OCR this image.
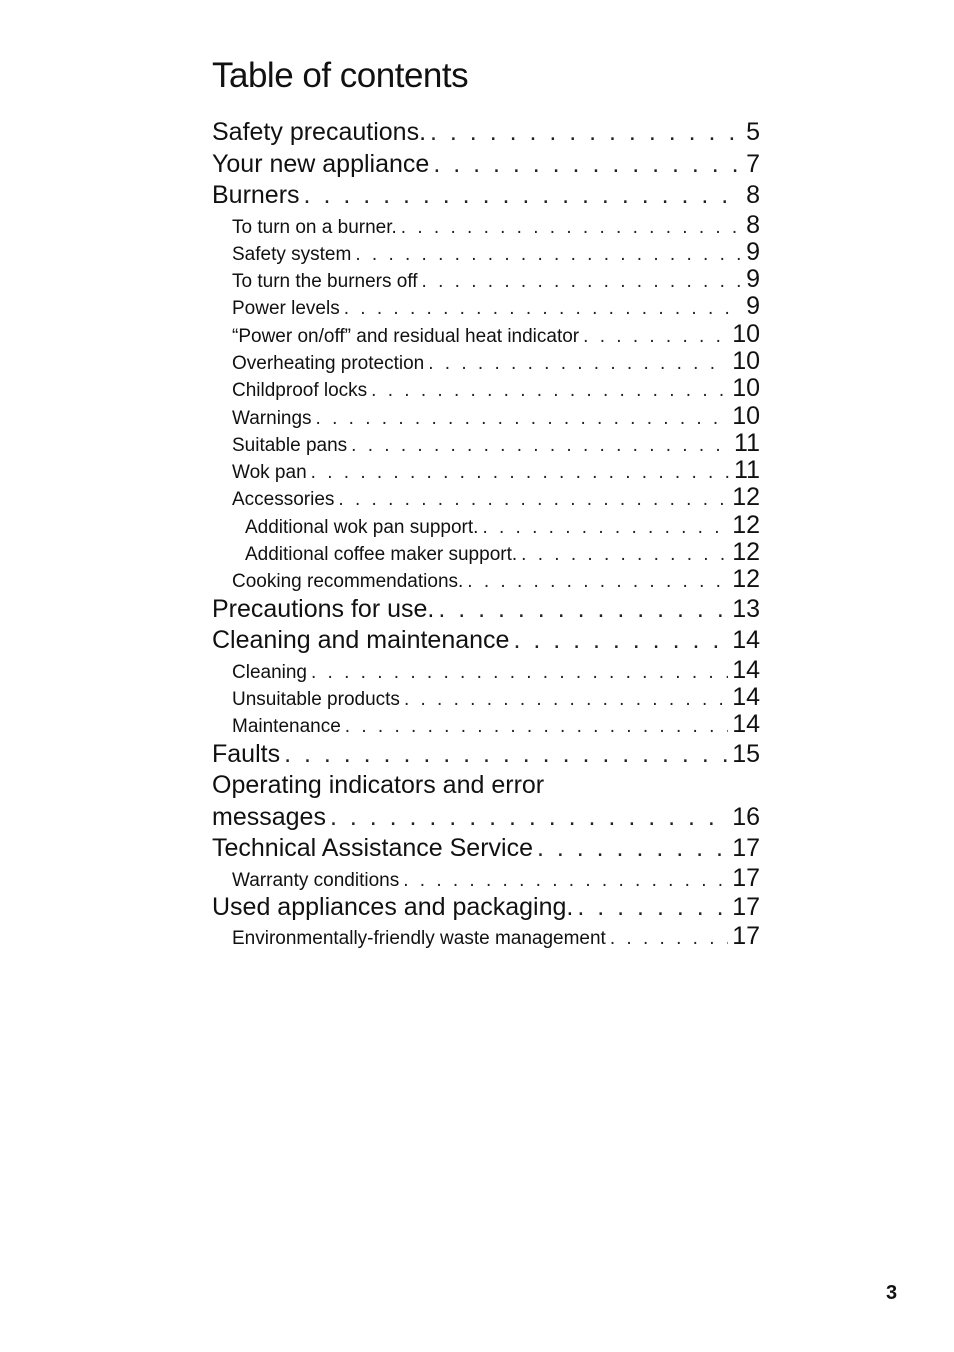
Table of contents
Safety precautions. . . .	5
Your new appliance . . .	7
Burners . . .	8
To turn on a burner. . . .	8
Safety system . . .	9
To turn the burners off . . .	9
Power levels . . .	9
“Power on/off” and residual heat indicator . . .	10
Overheating protection . . .	10
Childproof locks . . .	10
Warnings . . .	10
Suitable pans . . .	11
Wok pan . . .	11
Accessories . . .	12
Additional wok pan support. . . .	12
Additional coffee maker support. . . .	12
Cooking recommendations. . . .	12
Precautions for use. . . .	13
Cleaning and maintenance . . .	14
Cleaning . . .	14
Unsuitable products . . .	14
Maintenance . . .	14
Faults . . .	15
Operating indicators and error
messages . . .	16
Technical Assistance Service . . .	17
Warranty conditions . . .	17
Used appliances and packaging. . . .	17
Environmentally-friendly waste management . . .	17
3
